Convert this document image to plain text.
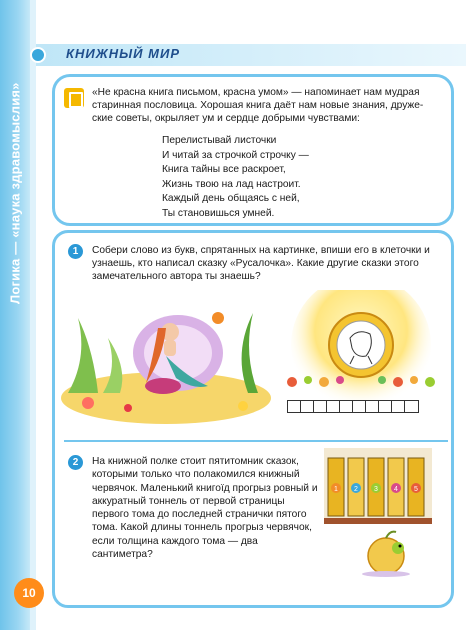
Логика — «наука здравомыслия»
КНИЖНЫЙ МИР
«Не красна книга письмом, красна умом» — напоминает нам мудрая старинная пословица. Хорошая книга даёт нам новые знания, друже-ские советы, окрыляет ум и сердце добрыми чувствами:
Перелистывай листочки
И читай за строчкой строчку —
Книга тайны все раскроет,
Жизнь твою на лад настроит.
Каждый день общаясь с ней,
Ты становишься умней.
1	Собери слово из букв, спрятанных на картинке, впиши его в клеточки и узнаешь, кто написал сказку «Русалочка». Какие другие сказки этого замечательного автора ты знаешь?
2	На книжной полке стоит пятитомник сказок, которыми только что полакомился книжный червячок. Маленький книгоїд прогрыз ровный и аккуратный тоннель от первой страницы первого тома до последней странички пятого тома. Какой длины тоннель прогрыз червячок, если толщина каждого тома — два сантиметра?
1 2 3 4 5
10
